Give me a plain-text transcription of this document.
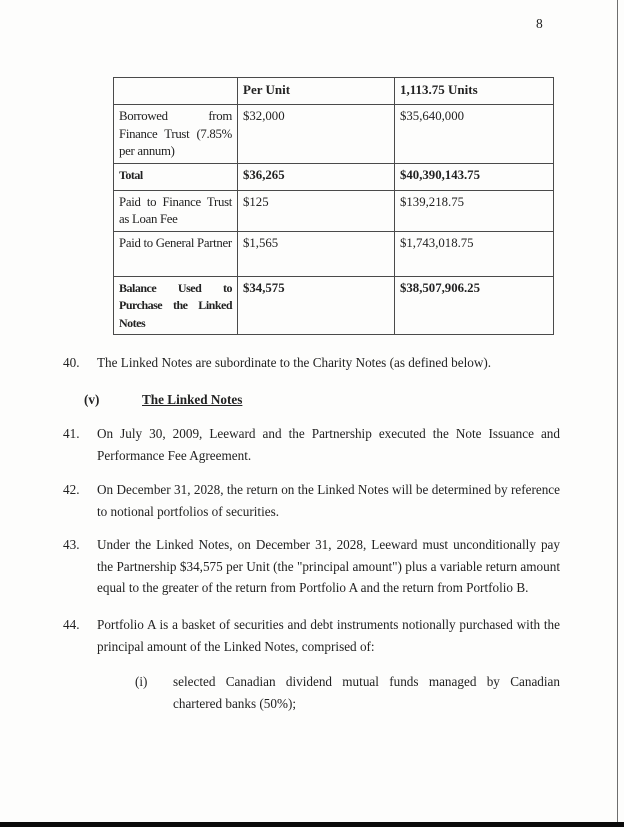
8
	Per Unit	1,113.75 Units
Borrowed from Finance Trust (7.85% per annum)	$32,000	$35,640,000
Total	$36,265	$40,390,143.75
Paid to Finance Trust as Loan Fee	$125	$139,218.75
Paid to General Partner	$1,565	$1,743,018.75
Balance Used to Purchase the Linked Notes	$34,575	$38,507,906.25
40.	The Linked Notes are subordinate to the Charity Notes (as defined below).
(v)	The Linked Notes
41.	On July 30, 2009, Leeward and the Partnership executed the Note Issuance and Performance Fee Agreement.
42.	On December 31, 2028, the return on the Linked Notes will be determined by reference to notional portfolios of securities.
43.	Under the Linked Notes, on December 31, 2028, Leeward must unconditionally pay the Partnership $34,575 per Unit (the "principal amount") plus a variable return amount equal to the greater of the return from Portfolio A and the return from Portfolio B.
44.	Portfolio A is a basket of securities and debt instruments notionally purchased with the principal amount of the Linked Notes, comprised of:
(i)	selected Canadian dividend mutual funds managed by Canadian chartered banks (50%);
